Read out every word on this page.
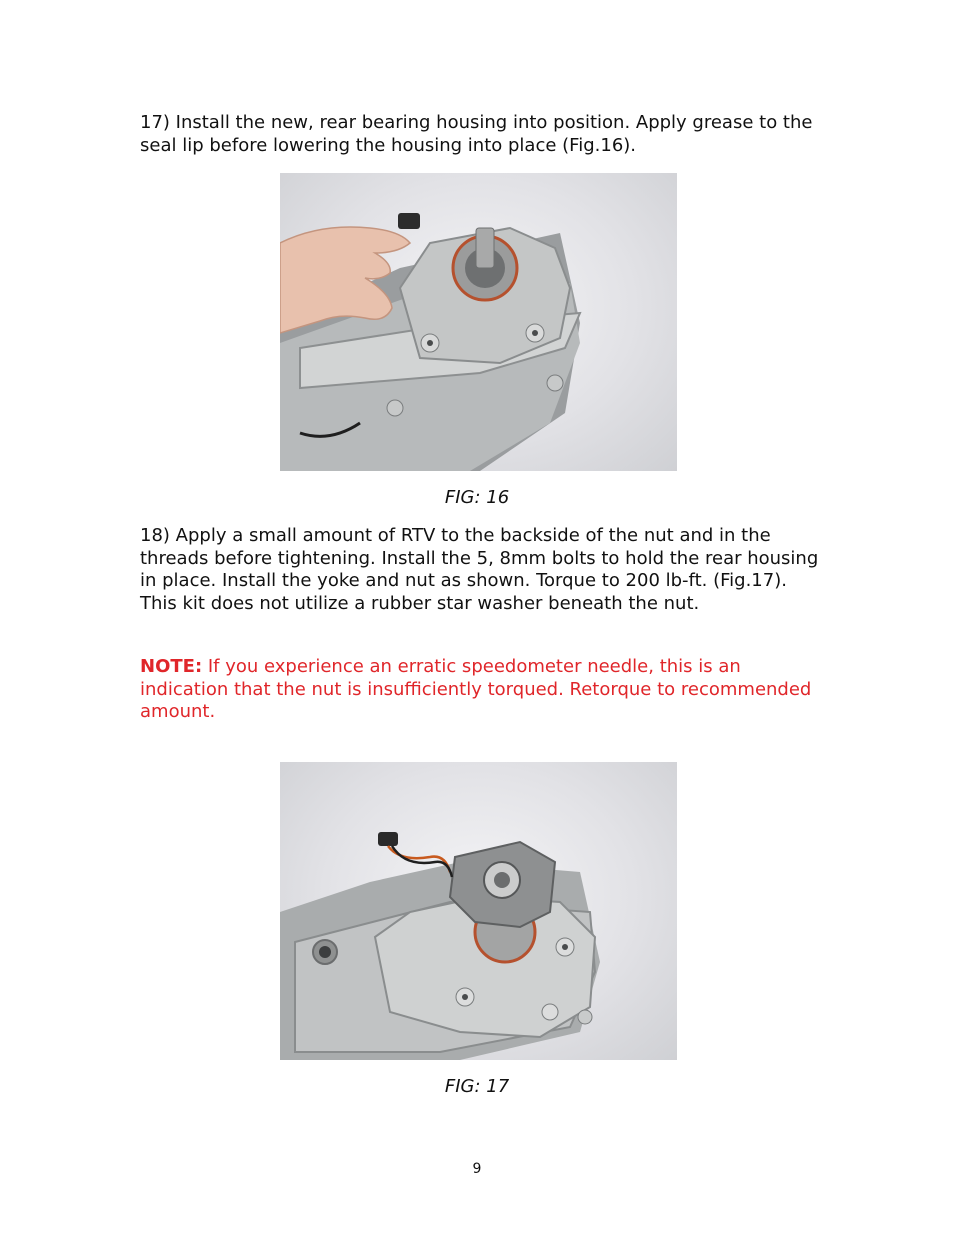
17) Install the new, rear bearing housing into position. Apply grease to the seal lip before lowering the housing into place (Fig.16).

FIG: 16

18) Apply a small amount of RTV to the backside of the nut and in the threads before tightening. Install the 5, 8mm bolts to hold the rear housing in place. Install the yoke and nut as shown. Torque to 200 lb-ft. (Fig.17). This kit does not utilize a rubber star washer beneath the nut.

NOTE: If you experience an erratic speedometer needle, this is an indication that the nut is insufficiently torqued. Retorque to recommended amount.

FIG: 17
9
